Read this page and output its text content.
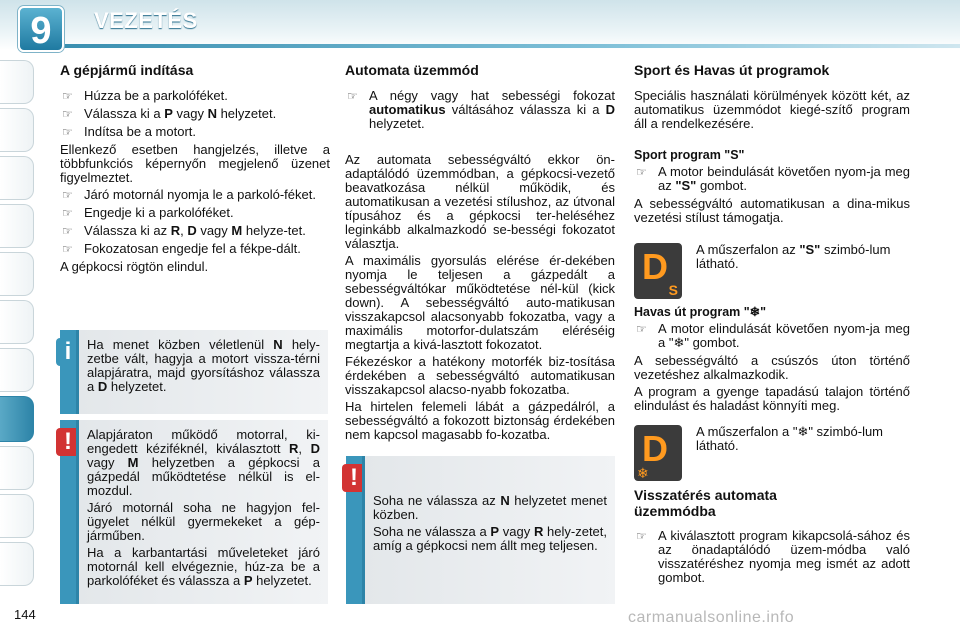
9	VEZETÉS
A gépjármű indítása
☞ Húzza be a parkolóféket.
☞ Válassza ki a P vagy N helyzetet.
☞ Indítsa be a motort.

Ellenkező esetben hangjelzés, illetve a többfunkciós képernyőn megjelenő üzenet figyelmeztet.

☞ Járó motornál nyomja le a parkoló-féket.
☞ Engedje ki a parkolóféket.
☞ Válassza ki az R, D vagy M helyze-tet.
☞ Fokozatosan engedje fel a fékpe-dált.

A gépkocsi rögtön elindul.

i	Ha menet közben véletlenül N hely-zetbe vált, hagyja a motort vissza-térni alapjáratra, majd gyorsításhoz válassza a D helyzetet.

!	Alapjáraton működő motorral, ki-engedett kéziféknél, kiválasztott R, D vagy M helyzetben a gépkocsi a gázpedál működtetése nélkül is el-mozdul.

Járó motornál soha ne hagyjon fel-ügyelet nélkül gyermekeket a gép-járműben.

Ha a karbantartási műveleteket járó motornál kell elvégeznie, húz-za be a parkolóféket és válassza a P helyzetet.

Automata üzemmód
☞ A négy vagy hat sebességi fokozat automatikus váltásához válassza ki a D helyzetet.

Az automata sebességváltó ekkor ön-adaptálódó üzemmódban, a gépkocsi-vezető beavatkozása nélkül működik, és automatikusan a vezetési stílushoz, az útvonal típusához és a gépkocsi ter-heléséhez leginkább alkalmazkodó se-bességi fokozatot választja.

A maximális gyorsulás elérése ér-dekében nyomja le teljesen a gázpedált a sebességváltókar működtetése nél-kül (kick down). A sebességváltó auto-matikusan visszakapcsol alacsonyabb fokozatba, vagy a maximális motorfor-dulatszám eléréséig megtartja a kivá-lasztott fokozatot.

Fékezéskor a hatékony motorfék biz-tosítása érdekében a sebességváltó automatikusan visszakapcsol alacso-nyabb fokozatba.

Ha hirtelen felemeli lábát a gázpedálról, a sebességváltó a fokozott biztonság érdekében nem kapcsol magasabb fo-kozatba.

!

Soha ne válassza az N helyzetet menet közben.

Soha ne válassza a P vagy R hely-zetet, amíg a gépkocsi nem állt meg teljesen.

Sport és Havas út programok

Speciális használati körülmények között két, az automatikus üzemmódot kiegé-szítő program áll a rendelkezésére.

Sport program "S"
☞ A motor beindulását követően nyom-ja meg az "S" gombot.

A sebességváltó automatikusan a dina-mikus vezetési stílust támogatja.

D
S

A műszerfalon az "S" szimbó-lum látható.

Havas út program "❄"
☞ A motor elindulását követően nyom-ja meg a "❄" gombot.

A sebességváltó a csúszós úton történő vezetéshez alkalmazkodik.

A program a gyenge tapadású talajon történő elindulást és haladást könnyíti meg.

D
❄

A műszerfalon a "❄" szimbó-lum látható.

Visszatérés automata üzemmódba
☞ A kiválasztott program kikapcsolá-sához és az önadaptálódó üzem-módba való visszatéréshez nyomja meg ismét az adott gombot.
144	carmanualsonline.info
